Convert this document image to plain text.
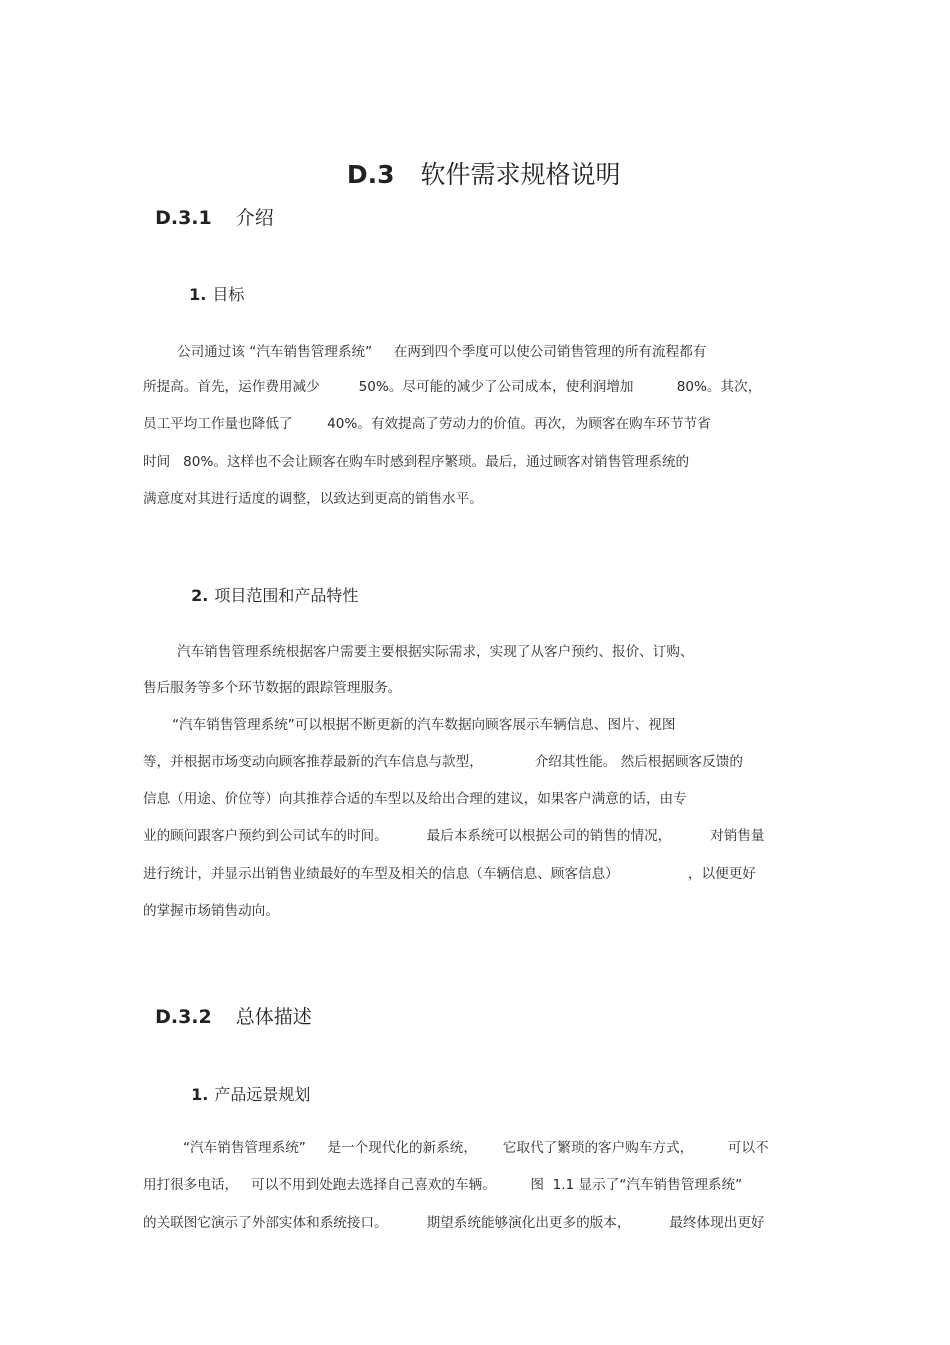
D.3 软件需求规格说明

D.3.1 介绍

1. 目标

公司通过该 “汽车销售管理系统”     在两到四个季度可以使公司销售管理的所有流程都有
所提高。首先，运作费用减少         50%。尽可能的减少了公司成本，使利润增加          80%。其次，
员工平均工作量也降低了        40%。有效提高了劳动力的价值。再次，为顾客在购车环节节省
时间   80%。这样也不会让顾客在购车时感到程序繁琐。最后，通过顾客对销售管理系统的
满意度对其进行适度的调整，以致达到更高的销售水平。

2. 项目范围和产品特性

汽车销售管理系统根据客户需要主要根据实际需求，实现了从客户预约、报价、订购、
售后服务等多个环节数据的跟踪管理服务。
“汽车销售管理系统”可以根据不断更新的汽车数据向顾客展示车辆信息、图片、视图
等，并根据市场变动向顾客推荐最新的汽车信息与款型，            介绍其性能。 然后根据顾客反馈的
信息（用途、价位等）向其推荐合适的车型以及给出合理的建议，如果客户满意的话，由专
业的顾问跟客户预约到公司试车的时间。         最后本系统可以根据公司的销售的情况，         对销售量
进行统计，并显示出销售业绩最好的车型及相关的信息（车辆信息、顾客信息）                ，以便更好
的掌握市场销售动向。

D.3.2 总体描述

1. 产品远景规划

“汽车销售管理系统”     是一个现代化的新系统，      它取代了繁琐的客户购车方式，        可以不
用打很多电话，   可以不用到处跑去选择自己喜欢的车辆。        图  1.1 显示了“汽车销售管理系统”
的关联图它演示了外部实体和系统接口。         期望系统能够演化出更多的版本，         最终体现出更好
